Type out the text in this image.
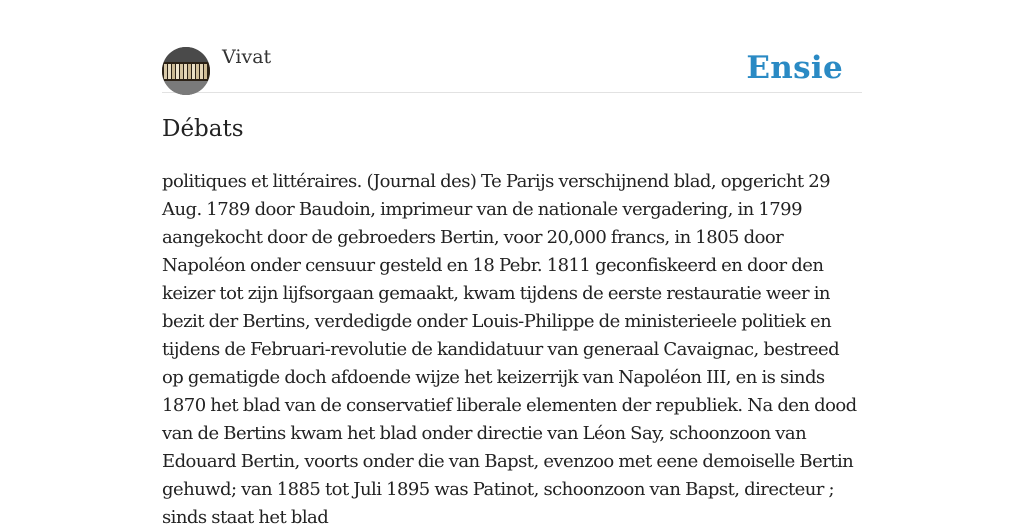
Vivat	Ensie
Débats

politiques et littéraires. (Journal des) Te Parijs verschijnend blad, opgericht 29 Aug. 1789 door Baudoin, imprimeur van de nationale vergadering, in 1799 aangekocht door de gebroeders Bertin, voor 20,000 francs, in 1805 door Napoléon onder censuur gesteld en 18 Pebr. 1811 geconfiskeerd en door den keizer tot zijn lijfsorgaan gemaakt, kwam tijdens de eerste restauratie weer in bezit der Bertins, verdedigde onder Louis-Philippe de ministerieele politiek en tijdens de Februari-revolutie de kandidatuur van generaal Cavaignac, bestreed op gematigde doch afdoende wijze het keizerrijk van Napoléon III, en is sinds 1870 het blad van de conservatief liberale elementen der republiek. Na den dood van de Bertins kwam het blad onder directie van Léon Say, schoonzoon van Edouard Bertin, voorts onder die van Bapst, evenzoo met eene demoiselle Bertin gehuwd; van 1885 tot Juli 1895 was Patinot, schoonzoon van Bapst, directeur ; sinds staat het blad
